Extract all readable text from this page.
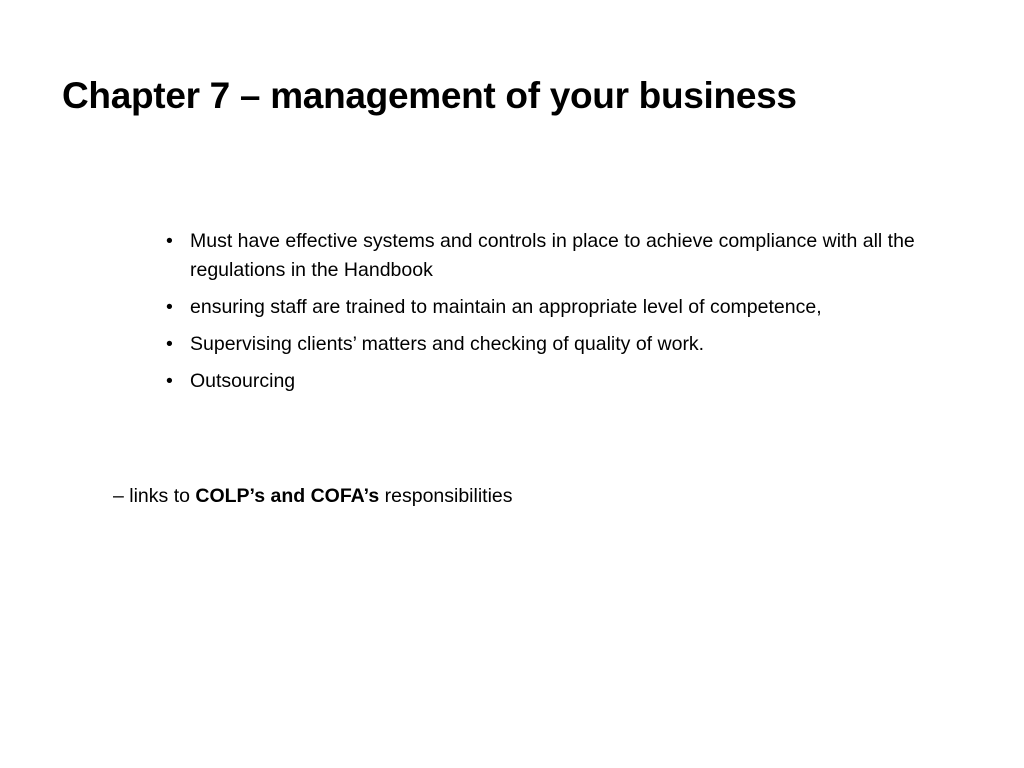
Chapter 7 – management of your business
• Must have effective systems and controls in place to achieve compliance with all the regulations in the Handbook
• ensuring staff are trained to maintain an appropriate level of competence,
• Supervising clients’ matters and checking of quality of work.
• Outsourcing

– links to COLP’s and COFA’s responsibilities
